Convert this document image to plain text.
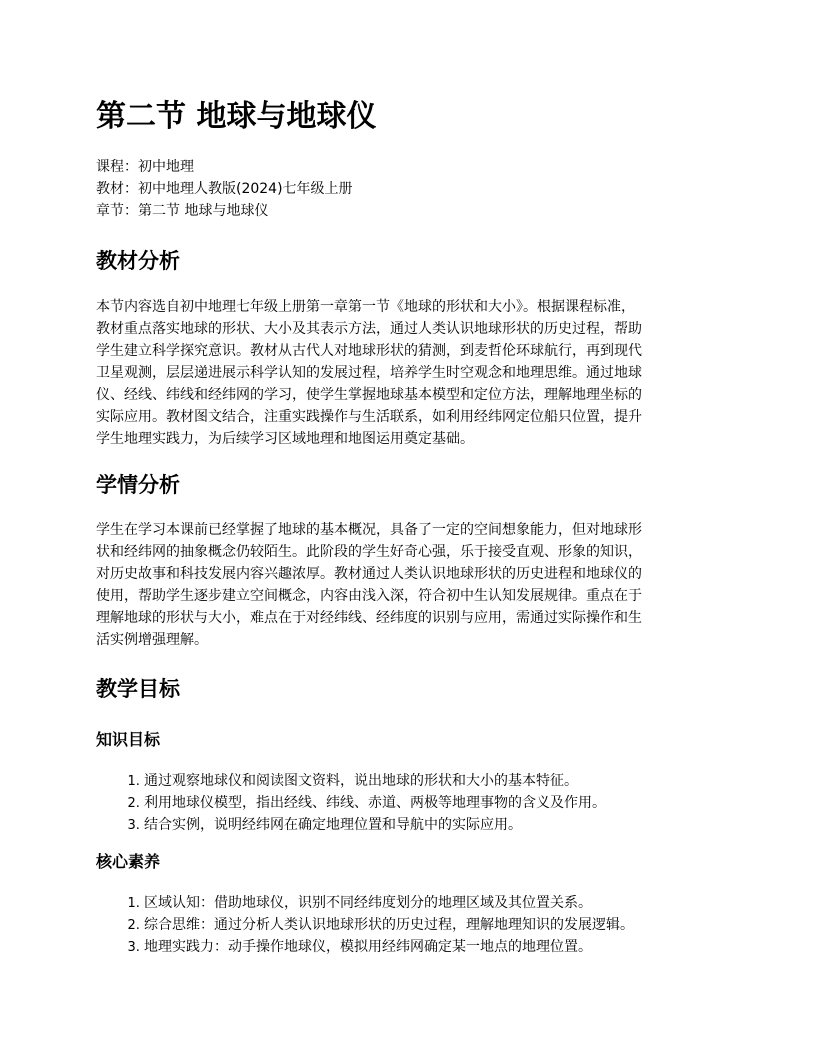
第二节 地球与地球仪
课程：初中地理
教材：初中地理人教版(2024)七年级上册
章节：第二节 地球与地球仪
教材分析
本节内容选自初中地理七年级上册第一章第一节《地球的形状和大小》。根据课程标准，
教材重点落实地球的形状、大小及其表示方法，通过人类认识地球形状的历史过程，帮助
学生建立科学探究意识。教材从古代人对地球形状的猜测，到麦哲伦环球航行，再到现代
卫星观测，层层递进展示科学认知的发展过程，培养学生时空观念和地理思维。通过地球
仪、经线、纬线和经纬网的学习，使学生掌握地球基本模型和定位方法，理解地理坐标的
实际应用。教材图文结合，注重实践操作与生活联系，如利用经纬网定位船只位置，提升
学生地理实践力，为后续学习区域地理和地图运用奠定基础。
学情分析
学生在学习本课前已经掌握了地球的基本概况，具备了一定的空间想象能力，但对地球形
状和经纬网的抽象概念仍较陌生。此阶段的学生好奇心强，乐于接受直观、形象的知识，
对历史故事和科技发展内容兴趣浓厚。教材通过人类认识地球形状的历史进程和地球仪的
使用，帮助学生逐步建立空间概念，内容由浅入深，符合初中生认知发展规律。重点在于
理解地球的形状与大小，难点在于对经纬线、经纬度的识别与应用，需通过实际操作和生
活实例增强理解。
教学目标
知识目标
1. 通过观察地球仪和阅读图文资料，说出地球的形状和大小的基本特征。
2. 利用地球仪模型，指出经线、纬线、赤道、两极等地理事物的含义及作用。
3. 结合实例，说明经纬网在确定地理位置和导航中的实际应用。
核心素养
1. 区域认知：借助地球仪，识别不同经纬度划分的地理区域及其位置关系。
2. 综合思维：通过分析人类认识地球形状的历史过程，理解地理知识的发展逻辑。
3. 地理实践力：动手操作地球仪，模拟用经纬网确定某一地点的地理位置。
